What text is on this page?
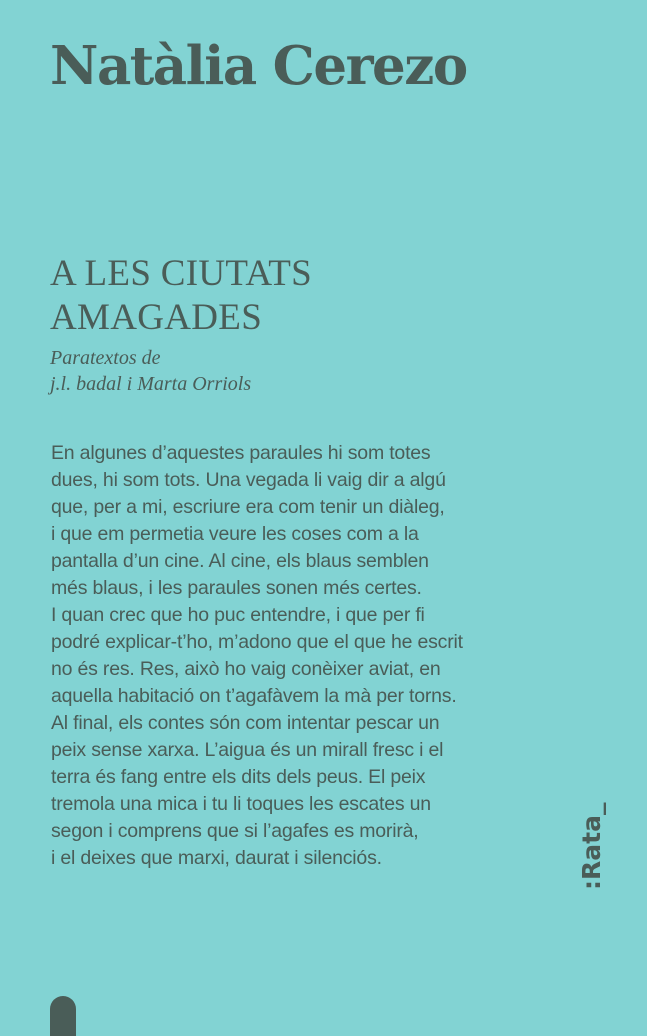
Natàlia Cerezo
A LES CIUTATS
AMAGADES
Paratextos de
j.l. badal i Marta Orriols
En algunes d’aquestes paraules hi som totes
dues, hi som tots. Una vegada li vaig dir a algú
que, per a mi, escriure era com tenir un diàleg,
i que em permetia veure les coses com a la
pantalla d’un cine. Al cine, els blaus semblen
més blaus, i les paraules sonen més certes.
I quan crec que ho puc entendre, i que per fi
podré explicar-t’ho, m’adono que el que he escrit
no és res. Res, això ho vaig conèixer aviat, en
aquella habitació on t’agafàvem la mà per torns.
Al final, els contes són com intentar pescar un
peix sense xarxa. L’aigua és un mirall fresc i el
terra és fang entre els dits dels peus. El peix
tremola una mica i tu li toques les escates un
segon i comprens que si l’agafes es morirà,
i el deixes que marxi, daurat i silenciós.	:Rata_
